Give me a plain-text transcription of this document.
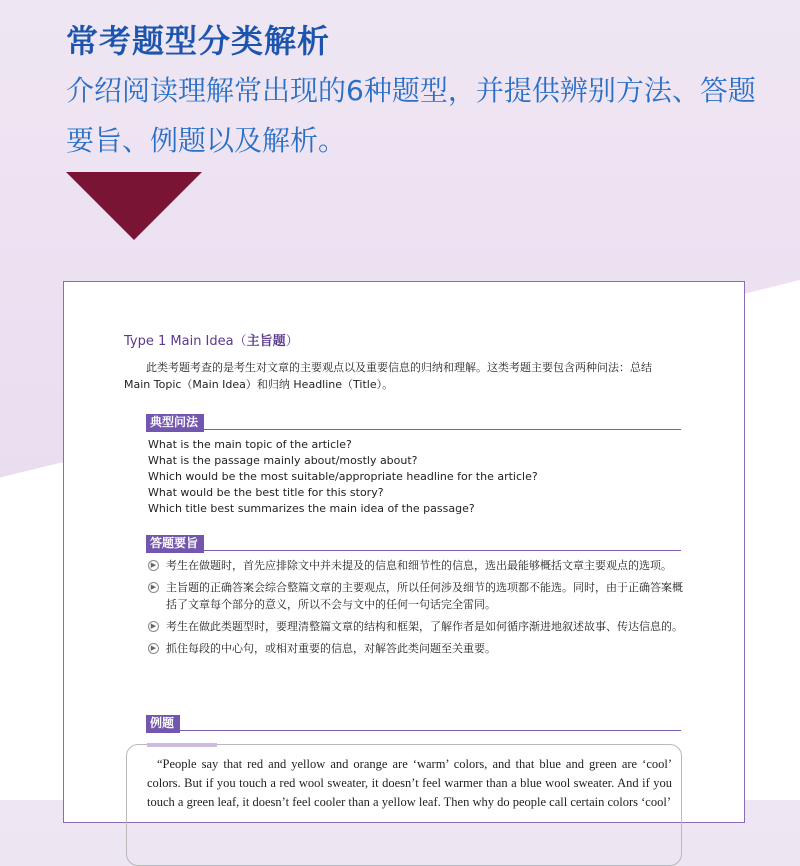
常考题型分类解析
介绍阅读理解常出现的6种题型，并提供辨别方法、答题要旨、例题以及解析。
Type 1 Main Idea（主旨题）
此类考题考查的是考生对文章的主要观点以及重要信息的归纳和理解。这类考题主要包含两种问法：总结 Main Topic（Main Idea）和归纳 Headline（Title）。
典型问法
What is the main topic of the article?
What is the passage mainly about/mostly about?
Which would be the most suitable/appropriate headline for the article?
What would be the best title for this story?
Which title best summarizes the main idea of the passage?
答题要旨
▶ 考生在做题时，首先应排除文中并未提及的信息和细节性的信息，选出最能够概括文章主要观点的选项。
▶ 主旨题的正确答案会综合整篇文章的主要观点，所以任何涉及细节的选项都不能选。同时，由于正确答案概括了文章每个部分的意义，所以不会与文中的任何一句话完全雷同。
▶ 考生在做此类题型时，要理清整篇文章的结构和框架，了解作者是如何循序渐进地叙述故事、传达信息的。
▶ 抓住每段的中心句，或相对重要的信息，对解答此类问题至关重要。
例题
“People say that red and yellow and orange are ‘warm’ colors, and that blue and green are ‘cool’ colors. But if you touch a red wool sweater, it doesn’t feel warmer than a blue wool sweater. And if you touch a green leaf, it doesn’t feel cooler than a yellow leaf. Then why do people call certain colors ‘cool’
